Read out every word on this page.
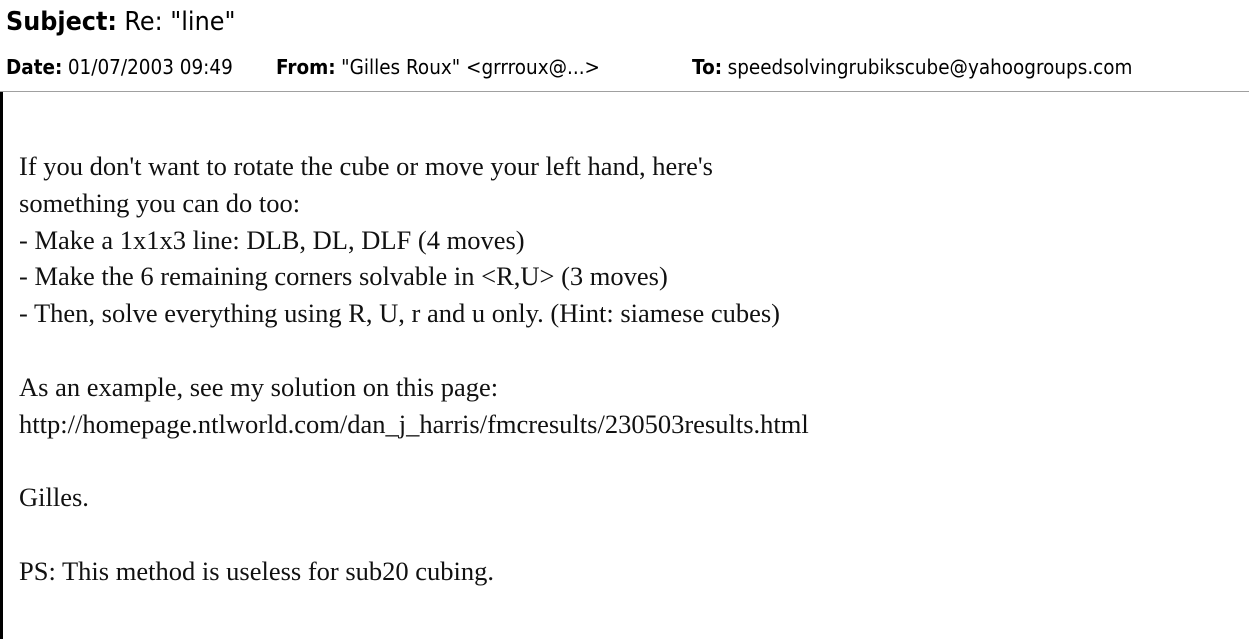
Subject: Re: "line"
Date: 01/07/2003 09:49 From: "Gilles Roux" <grrroux@...>	To: speedsolvingrubikscube@yahoogroups.com
If you don't want to rotate the cube or move your left hand, here's
something you can do too:
- Make a 1x1x3 line: DLB, DL, DLF (4 moves)
- Make the 6 remaining corners solvable in <R,U> (3 moves)
- Then, solve everything using R, U, r and u only. (Hint: siamese cubes)
As an example, see my solution on this page:
http://homepage.ntlworld.com/dan_j_harris/fmcresults/230503results.html
Gilles.
PS: This method is useless for sub20 cubing.
